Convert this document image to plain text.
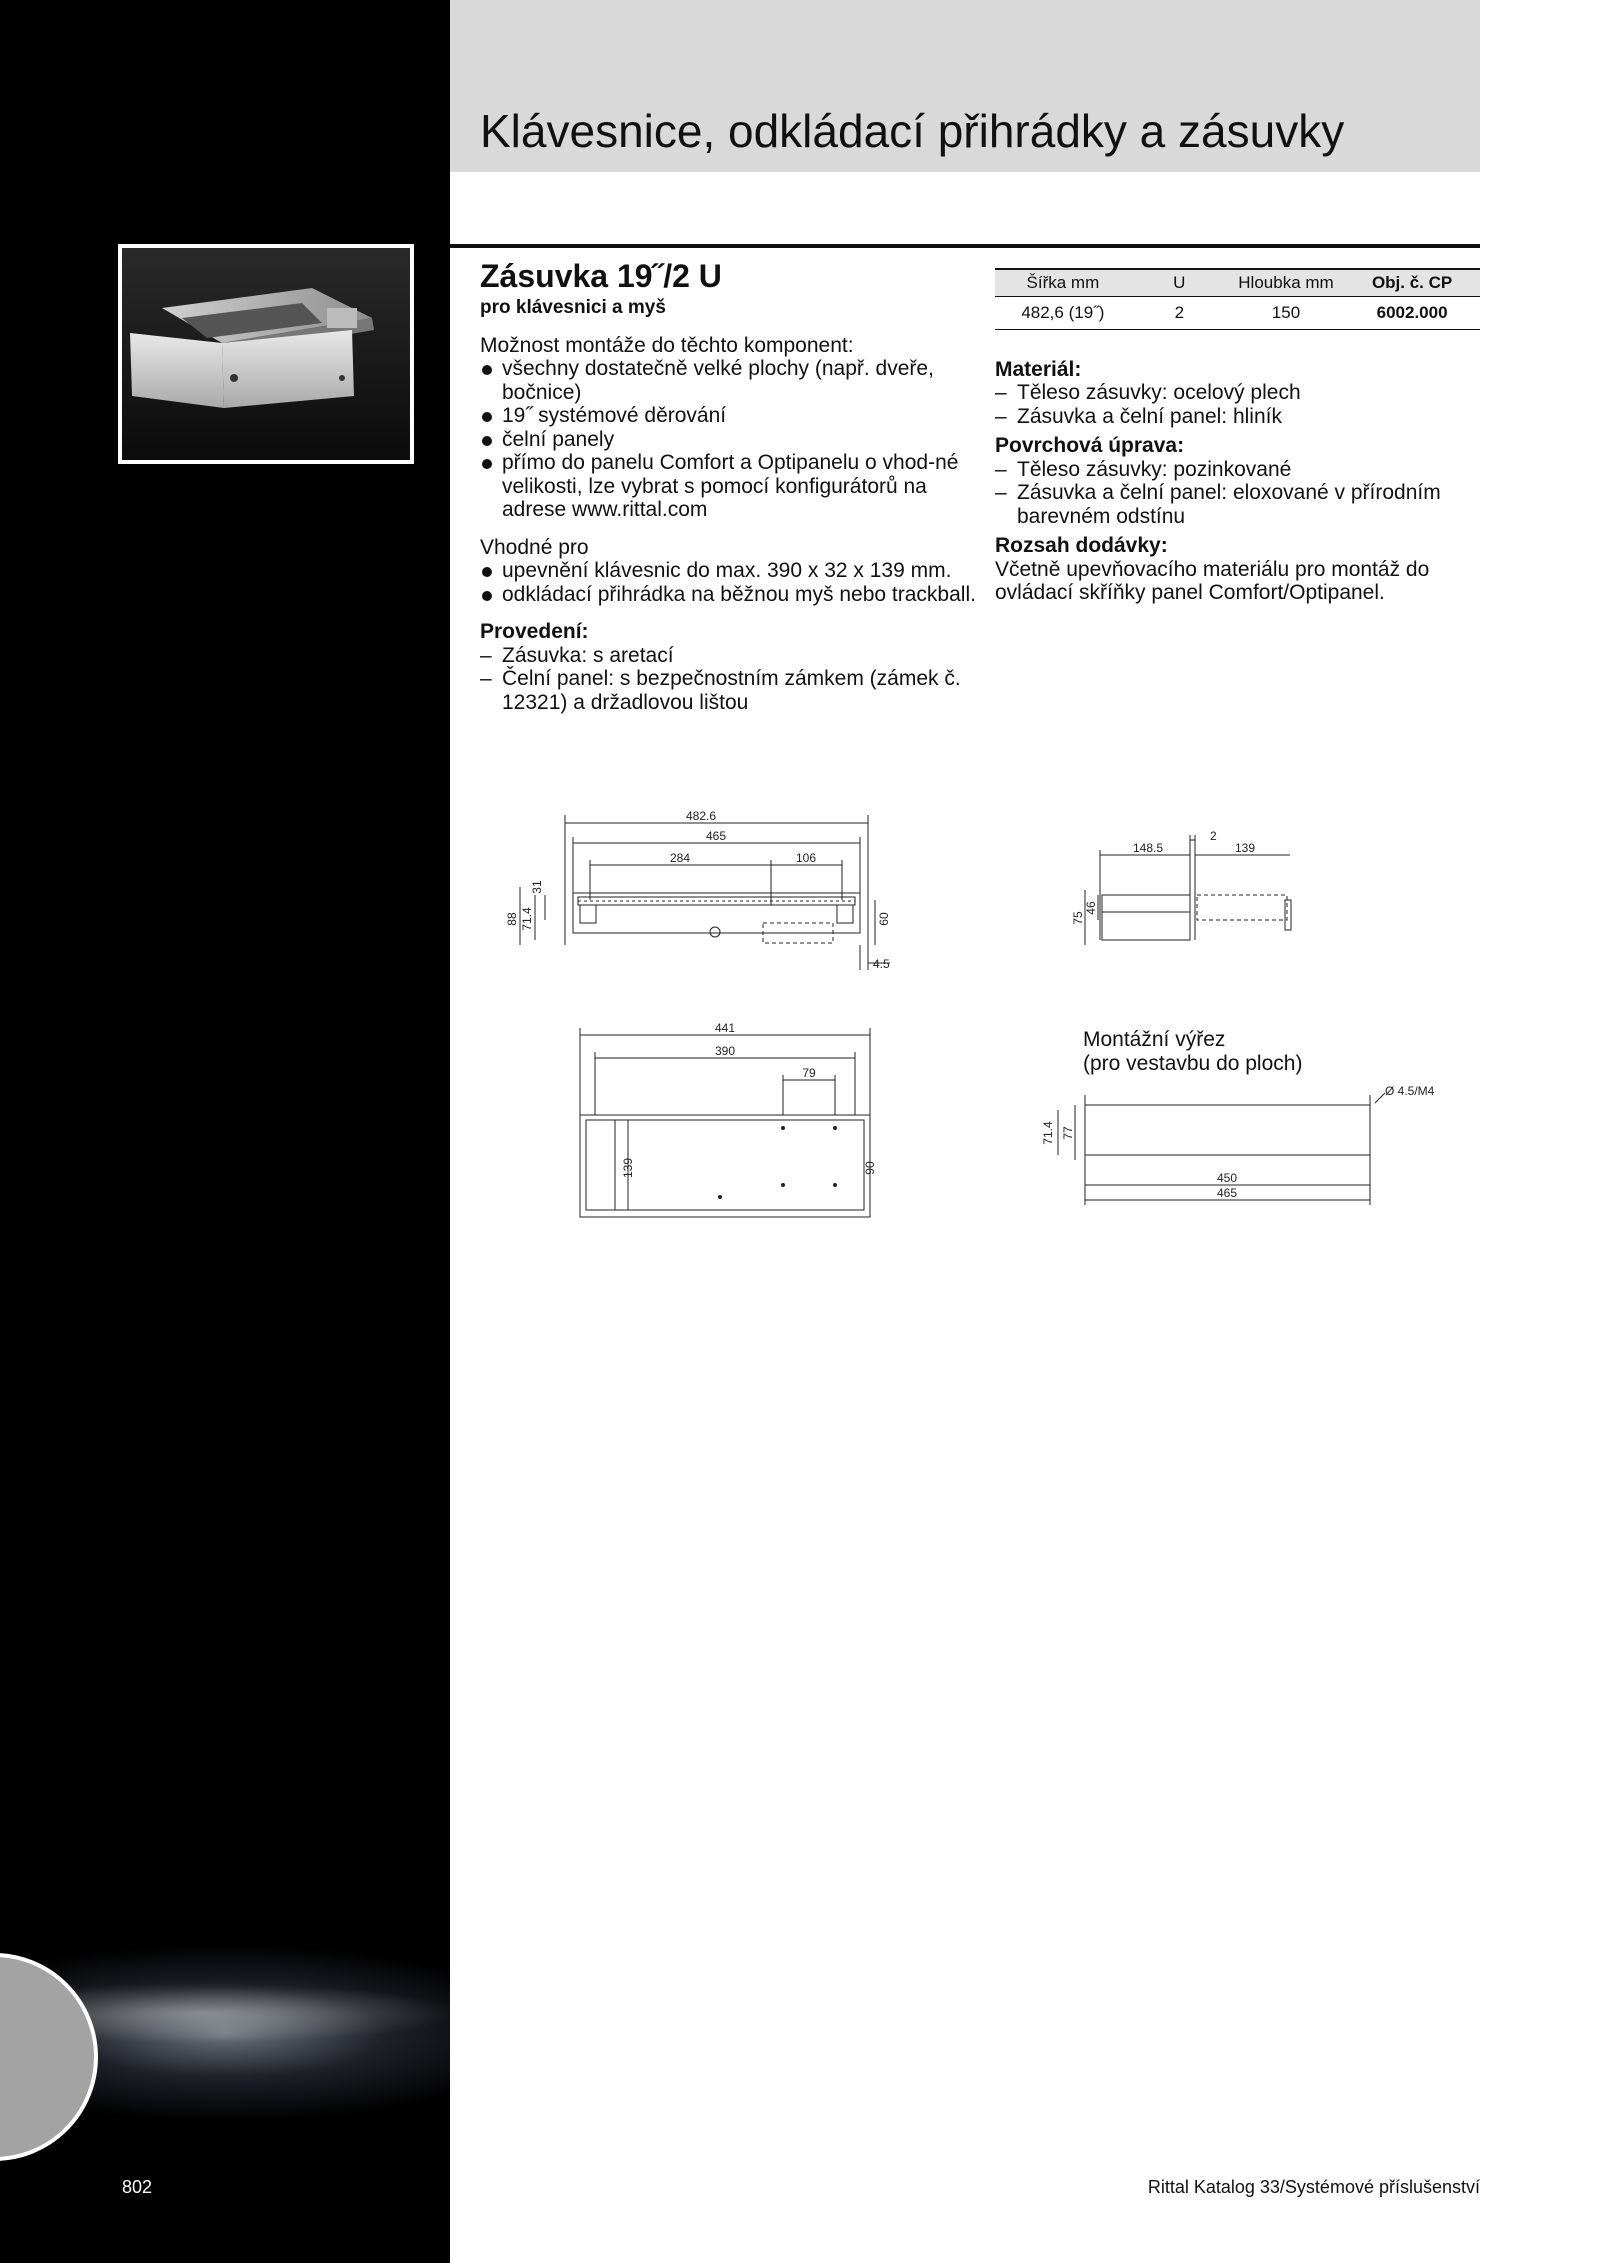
802
Klávesnice, odkládací přihrádky a zásuvky
Zásuvka 19˝/2 U
pro klávesnici a myš
Možnost montáže do těchto komponent:
všechny dostatečně velké plochy (např. dveře, bočnice)
19˝ systémové děrování
čelní panely
přímo do panelu Comfort a Optipanelu o vhod-né velikosti, lze vybrat s pomocí konfigurátorů na adrese www.rittal.com
Vhodné pro
upevnění klávesnic do max. 390 x 32 x 139 mm.
odkládací přihrádka na běžnou myš nebo trackball.
Provedení:
– Zásuvka: s aretací
– Čelní panel: s bezpečnostním zámkem (zámek č. 12321) a držadlovou lištou
Šířka mm	U	Hloubka mm	Obj. č. CP
482,6 (19˝)	2	150	6002.000
Materiál:
– Těleso zásuvky: ocelový plech
– Zásuvka a čelní panel: hliník
Povrchová úprava:
– Těleso zásuvky: pozinkované
– Zásuvka a čelní panel: eloxované v přírodním barevném odstínu
Rozsah dodávky:
Včetně upevňovacího materiálu pro montáž do ovládací skříňky panel Comfort/Optipanel.
482.6
465
284	106
88 71.4
31
60
4.5
2
148.5	139
75
46
441
390
79
139	90
Montážní výřez
(pro vestavbu do ploch)
Ø 4.5/M4
71.4 77
450
465
Rittal Katalog 33/Systémové příslušenství
